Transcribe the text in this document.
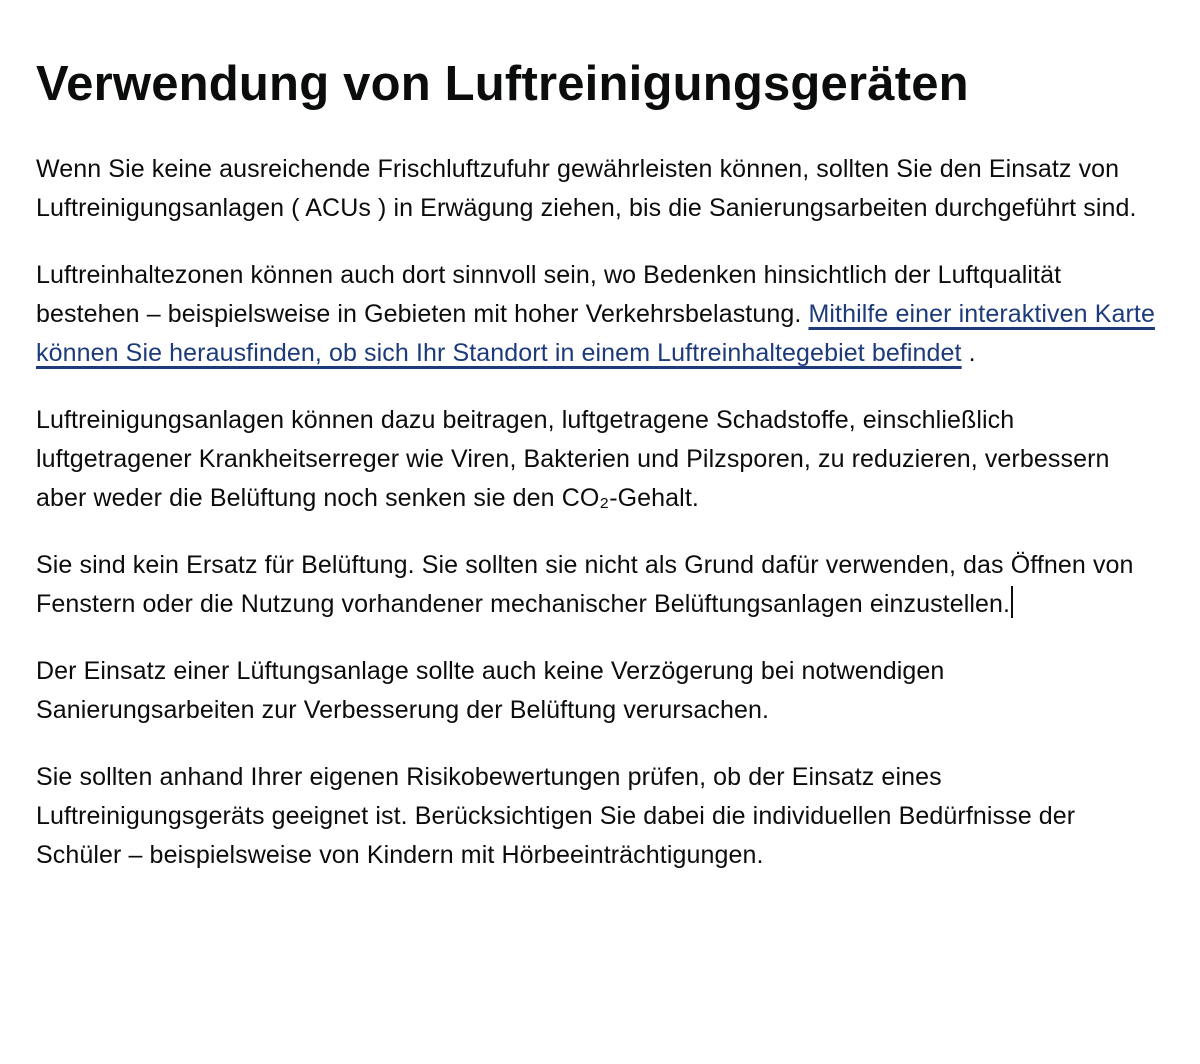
Verwendung von Luftreinigungsgeräten

Wenn Sie keine ausreichende Frischluftzufuhr gewährleisten können, sollten Sie den Einsatz von Luftreinigungsanlagen ( ACUs ) in Erwägung ziehen, bis die Sanierungsarbeiten durchgeführt sind.

Luftreinhaltezonen können auch dort sinnvoll sein, wo Bedenken hinsichtlich der Luftqualität bestehen – beispielsweise in Gebieten mit hoher Verkehrsbelastung. Mithilfe einer interaktiven Karte können Sie herausfinden, ob sich Ihr Standort in einem Luftreinhaltegebiet befindet .

Luftreinigungsanlagen können dazu beitragen, luftgetragene Schadstoffe, einschließlich luftgetragener Krankheitserreger wie Viren, Bakterien und Pilzsporen, zu reduzieren, verbessern aber weder die Belüftung noch senken sie den CO₂-Gehalt.

Sie sind kein Ersatz für Belüftung. Sie sollten sie nicht als Grund dafür verwenden, das Öffnen von Fenstern oder die Nutzung vorhandener mechanischer Belüftungsanlagen einzustellen.

Der Einsatz einer Lüftungsanlage sollte auch keine Verzögerung bei notwendigen Sanierungsarbeiten zur Verbesserung der Belüftung verursachen.

Sie sollten anhand Ihrer eigenen Risikobewertungen prüfen, ob der Einsatz eines Luftreinigungsgeräts geeignet ist. Berücksichtigen Sie dabei die individuellen Bedürfnisse der Schüler – beispielsweise von Kindern mit Hörbeeinträchtigungen.
